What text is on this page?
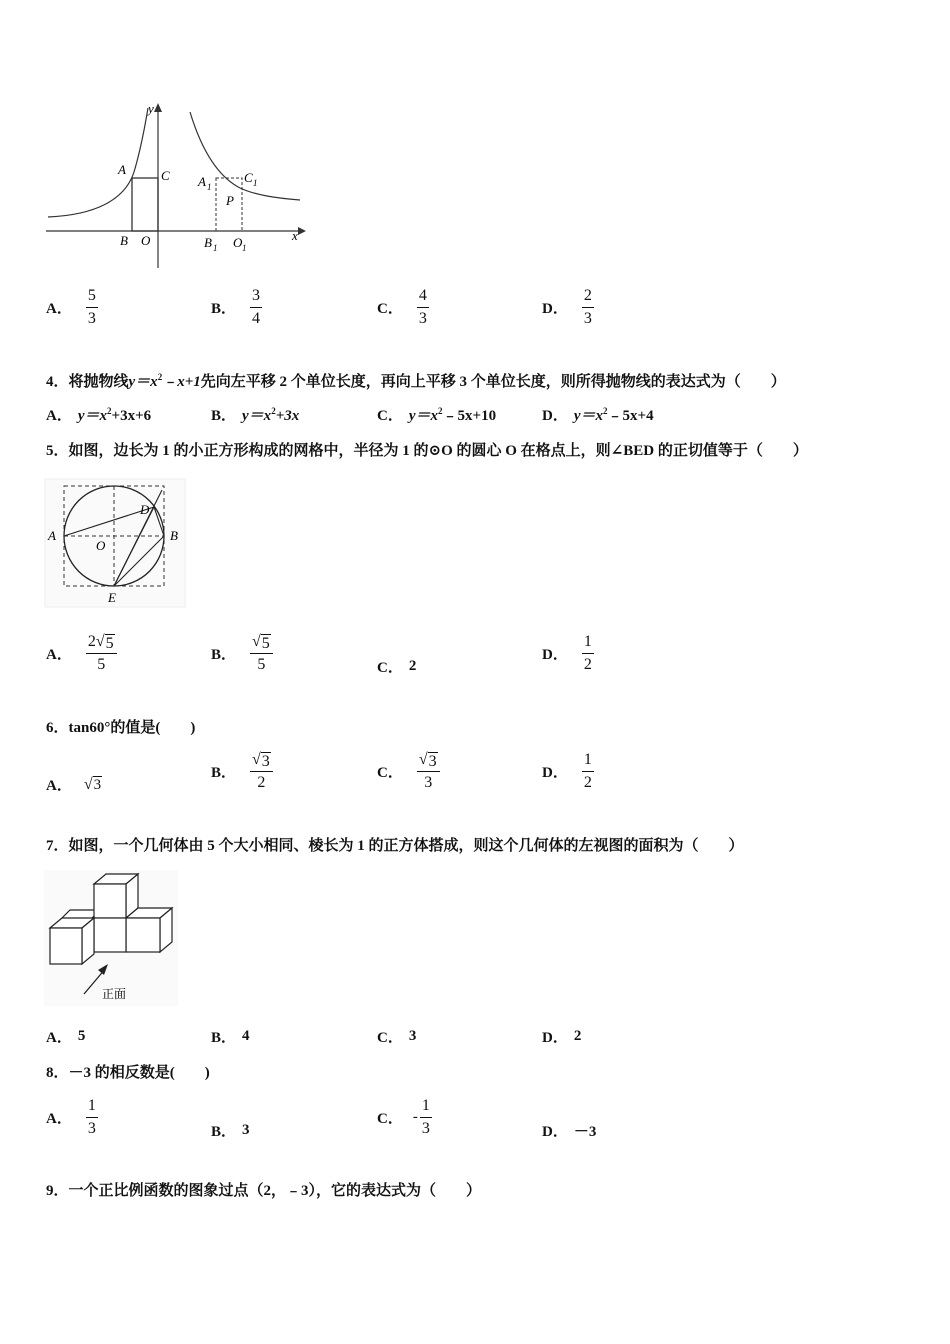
x
y
A	C
B O
A 1
C 1
P
B 1 O 1
A． $\frac{5}{3}$	B． $\frac{3}{4}$	C． $\frac{4}{3}$	D． $\frac{2}{3}$
4．将抛物线$y=x^2﹣x+1$先向左平移 2 个单位长度，再向上平移 3 个单位长度，则所得抛物线的表达式为（　　）
A． $y=x^2+3x+6$	B． $y=x^2+3x$	C． $y=x^2﹣5x+10$	D． $y=x^2﹣5x+4$
5．如图，边长为 1 的小正方形构成的网格中，半径为 1 的⊙O 的圆心 O 在格点上，则∠BED 的正切值等于（　　）
A	B
D
O
E
A． $\frac{2 √ 5}{5}$	B． $\frac{√ 5}{5}$	C． 2
D． $\frac{1}{2}$
6．tan60°的值是(　　)
A． √ 3
B． $\frac{√ 3}{2}$	C． $\frac{√ 3}{3}$	D． $\frac{1}{2}$
7．如图，一个几何体由 5 个大小相同、棱长为 1 的正方体搭成，则这个几何体的左视图的面积为（　　）
正面
A． 5	B． 4	C． 3	D． 2
8．－3 的相反数是(　　)
A． $\frac{1}{3}$	B． 3
C． - $\frac{1}{3}$	D． －3
9．一个正比例函数的图象过点（2，﹣3），它的表达式为（　　）
